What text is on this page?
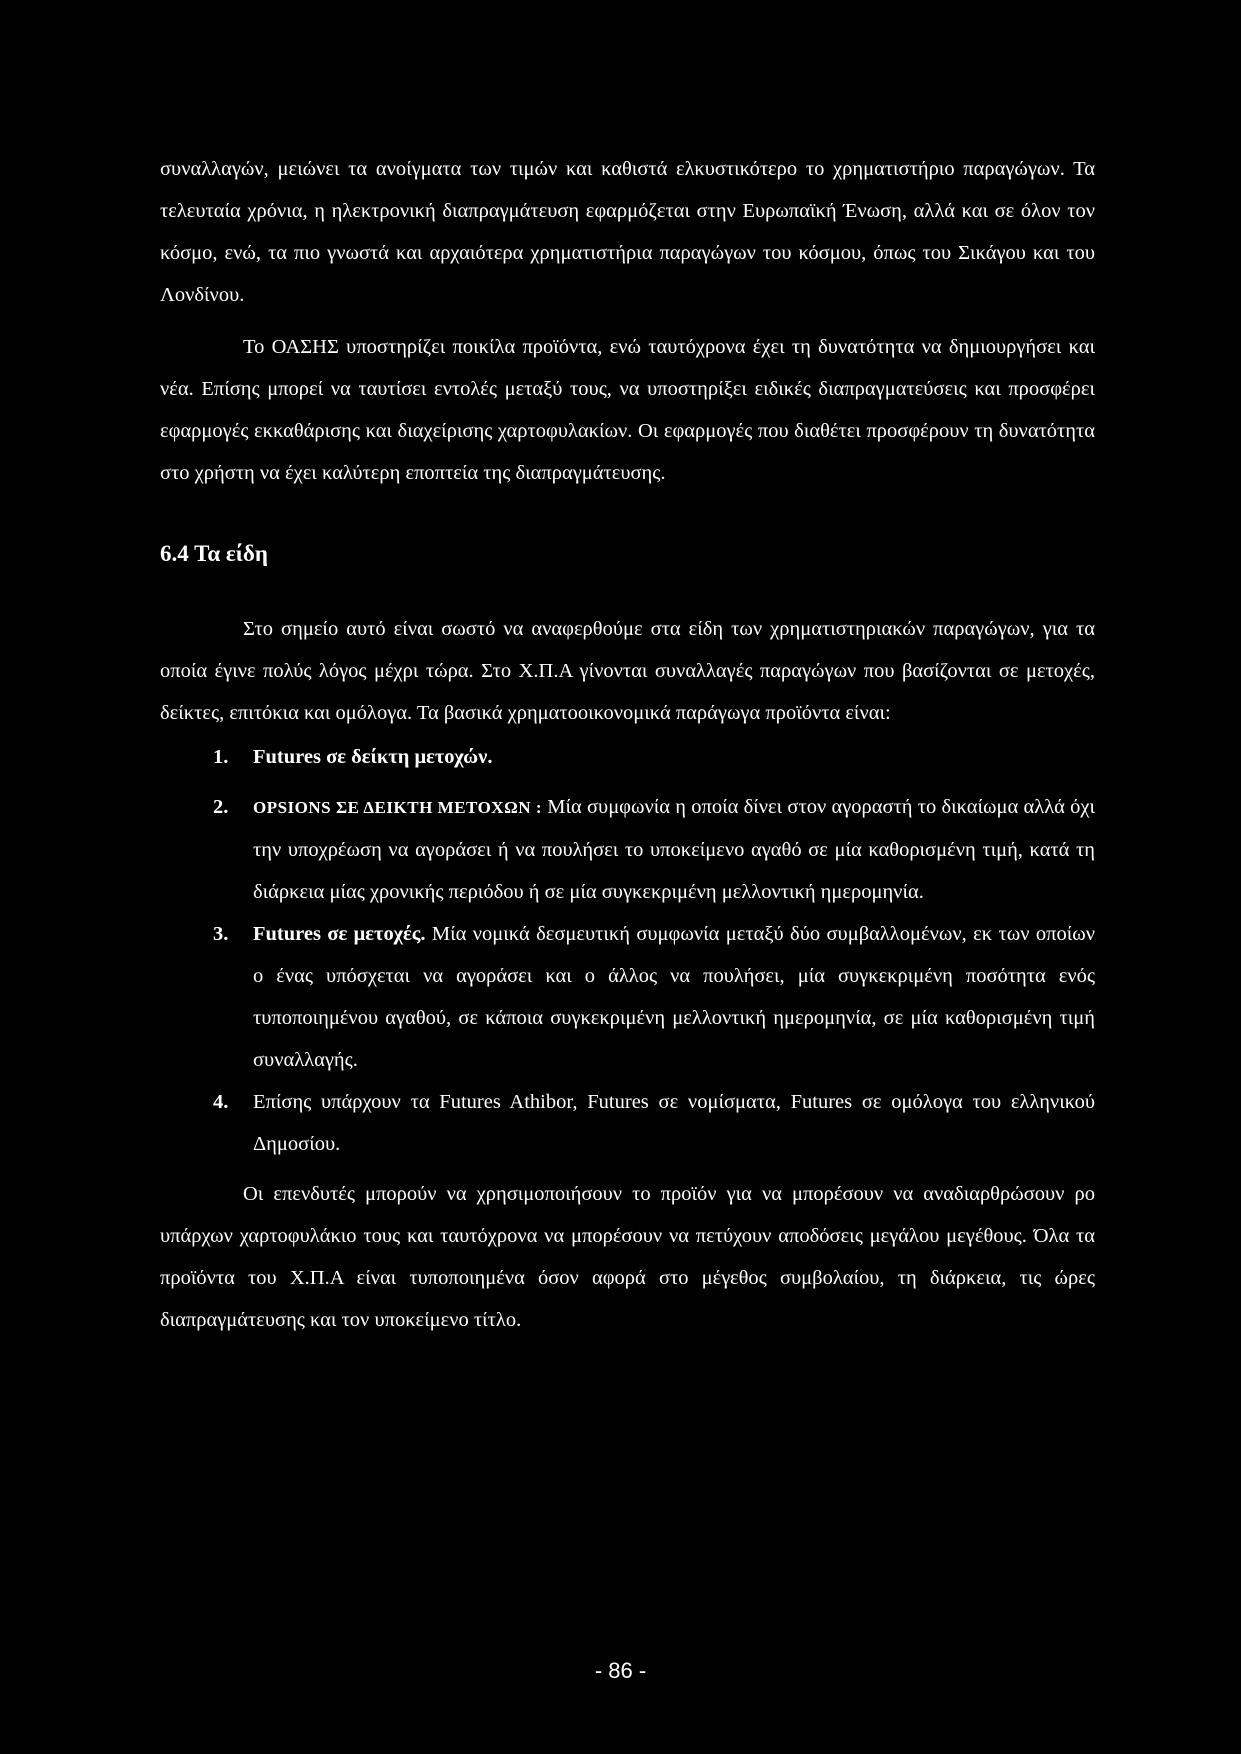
συναλλαγών, μειώνει τα ανοίγματα των τιμών και καθιστά ελκυστικότερο το χρηματιστήριο παραγώγων. Τα τελευταία χρόνια, η ηλεκτρονική διαπραγμάτευση εφαρμόζεται στην Ευρωπαϊκή Ένωση, αλλά και σε όλον τον κόσμο, ενώ, τα πιο γνωστά και αρχαιότερα χρηματιστήρια παραγώγων του κόσμου, όπως του Σικάγου και του Λονδίνου.

Το ΟΑΣΗΣ υποστηρίζει ποικίλα προϊόντα, ενώ ταυτόχρονα έχει τη δυνατότητα να δημιουργήσει και νέα. Επίσης μπορεί να ταυτίσει εντολές μεταξύ τους, να υποστηρίξει ειδικές διαπραγματεύσεις και προσφέρει εφαρμογές εκκαθάρισης και διαχείρισης χαρτοφυλακίων. Οι εφαρμογές που διαθέτει προσφέρουν τη δυνατότητα στο χρήστη να έχει καλύτερη εποπτεία της διαπραγμάτευσης.

6.4 Τα είδη

Στο σημείο αυτό είναι σωστό να αναφερθούμε στα είδη των χρηματιστηριακών παραγώγων, για τα οποία έγινε πολύς λόγος μέχρι τώρα. Στο Χ.Π.Α γίνονται συναλλαγές παραγώγων που βασίζονται σε μετοχές, δείκτες, επιτόκια και ομόλογα. Τα βασικά χρηματοοικονομικά παράγωγα προϊόντα είναι:

1. Futures σε δείκτη μετοχών.
2. OPSIONS ΣΕ ΔΕΙΚΤΗ ΜΕΤΟΧΩΝ : Μία συμφωνία η οποία δίνει στον αγοραστή το δικαίωμα αλλά όχι την υποχρέωση να αγοράσει ή να πουλήσει το υποκείμενο αγαθό σε μία καθορισμένη τιμή, κατά τη διάρκεια μίας χρονικής περιόδου ή σε μία συγκεκριμένη μελλοντική ημερομηνία.
3. Futures σε μετοχές. Μία νομικά δεσμευτική συμφωνία μεταξύ δύο συμβαλλομένων, εκ των οποίων ο ένας υπόσχεται να αγοράσει και ο άλλος να πουλήσει, μία συγκεκριμένη ποσότητα ενός τυποποιημένου αγαθού, σε κάποια συγκεκριμένη μελλοντική ημερομηνία, σε μία καθορισμένη τιμή συναλλαγής.
4. Επίσης υπάρχουν τα Futures Athibor, Futures σε νομίσματα, Futures σε ομόλογα του ελληνικού Δημοσίου.

Οι επενδυτές μπορούν να χρησιμοποιήσουν το προϊόν για να μπορέσουν να αναδιαρθρώσουν ρο υπάρχων χαρτοφυλάκιο τους και ταυτόχρονα να μπορέσουν να πετύχουν αποδόσεις μεγάλου μεγέθους. Όλα τα προϊόντα του Χ.Π.Α είναι τυποποιημένα όσον αφορά στο μέγεθος συμβολαίου, τη διάρκεια, τις ώρες διαπραγμάτευσης και τον υποκείμενο τίτλο.

- 86 -
